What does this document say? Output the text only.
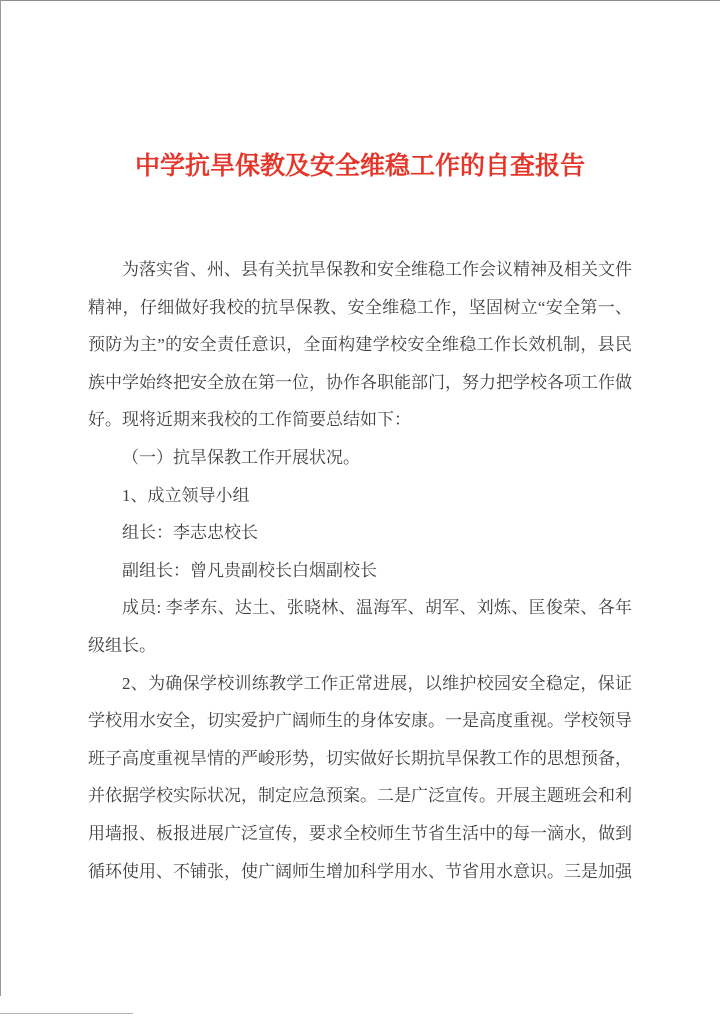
中学抗旱保教及安全维稳工作的自查报告

为落实省、州、县有关抗旱保教和安全维稳工作会议精神及相关文件精神，仔细做好我校的抗旱保教、安全维稳工作，坚固树立“安全第一、预防为主”的安全责任意识，全面构建学校安全维稳工作长效机制，县民族中学始终把安全放在第一位，协作各职能部门，努力把学校各项工作做好。现将近期来我校的工作简要总结如下：

（一）抗旱保教工作开展状况。

1、成立领导小组

组长：李志忠校长

副组长：曾凡贵副校长白烟副校长

成员: 李孝东、达土、张晓林、温海军、胡军、刘炼、匡俊荣、各年级组长。

2、为确保学校训练教学工作正常进展，以维护校园安全稳定，保证学校用水安全，切实爱护广阔师生的身体安康。一是高度重视。学校领导班子高度重视旱情的严峻形势，切实做好长期抗旱保教工作的思想预备，并依据学校实际状况，制定应急预案。二是广泛宣传。开展主题班会和利用墙报、板报进展广泛宣传，要求全校师生节省生活中的每一滴水，做到循环使用、不铺张，使广阔师生增加科学用水、节省用水意识。三是加强
